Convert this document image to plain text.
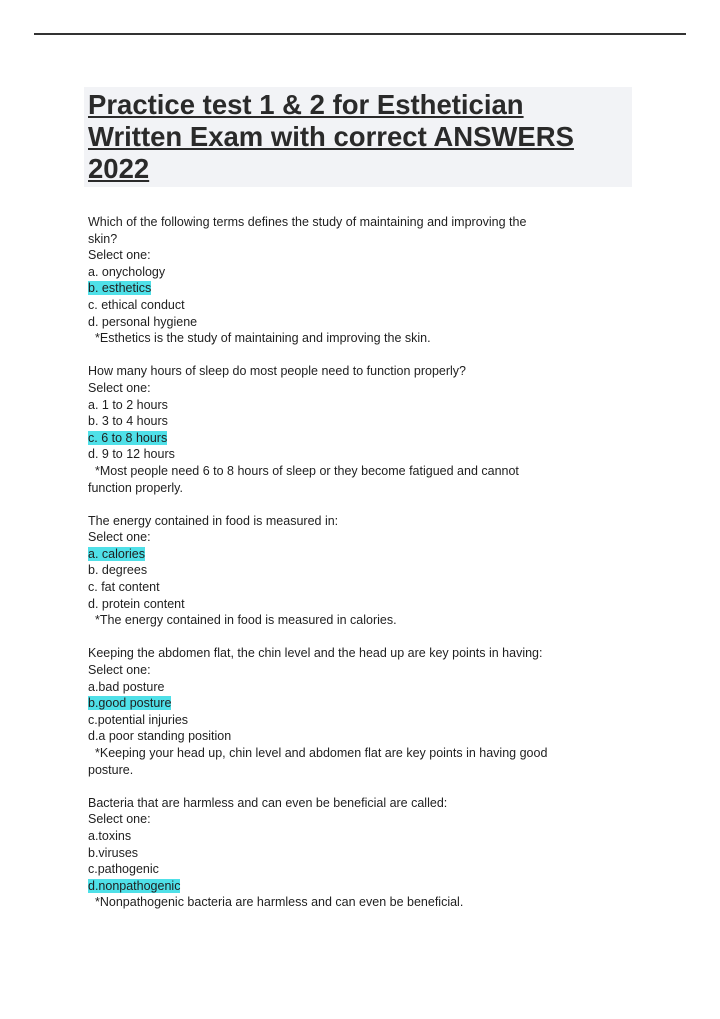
Practice test 1 & 2 for Esthetician
Written Exam with correct ANSWERS
2022
Which of the following terms defines the study of maintaining and improving the
skin?
Select one:
a. onychology
b. esthetics
c. ethical conduct
d. personal hygiene
*Esthetics is the study of maintaining and improving the skin.
How many hours of sleep do most people need to function properly?
Select one:
a. 1 to 2 hours
b. 3 to 4 hours
c. 6 to 8 hours
d. 9 to 12 hours
*Most people need 6 to 8 hours of sleep or they become fatigued and cannot
function properly.
The energy contained in food is measured in:
Select one:
a. calories
b. degrees
c. fat content
d. protein content
*The energy contained in food is measured in calories.
Keeping the abdomen flat, the chin level and the head up are key points in having:
Select one:
a.bad posture
b.good posture
c.potential injuries
d.a poor standing position
*Keeping your head up, chin level and abdomen flat are key points in having good
posture.
Bacteria that are harmless and can even be beneficial are called:
Select one:
a.toxins
b.viruses
c.pathogenic
d.nonpathogenic
*Nonpathogenic bacteria are harmless and can even be beneficial.
